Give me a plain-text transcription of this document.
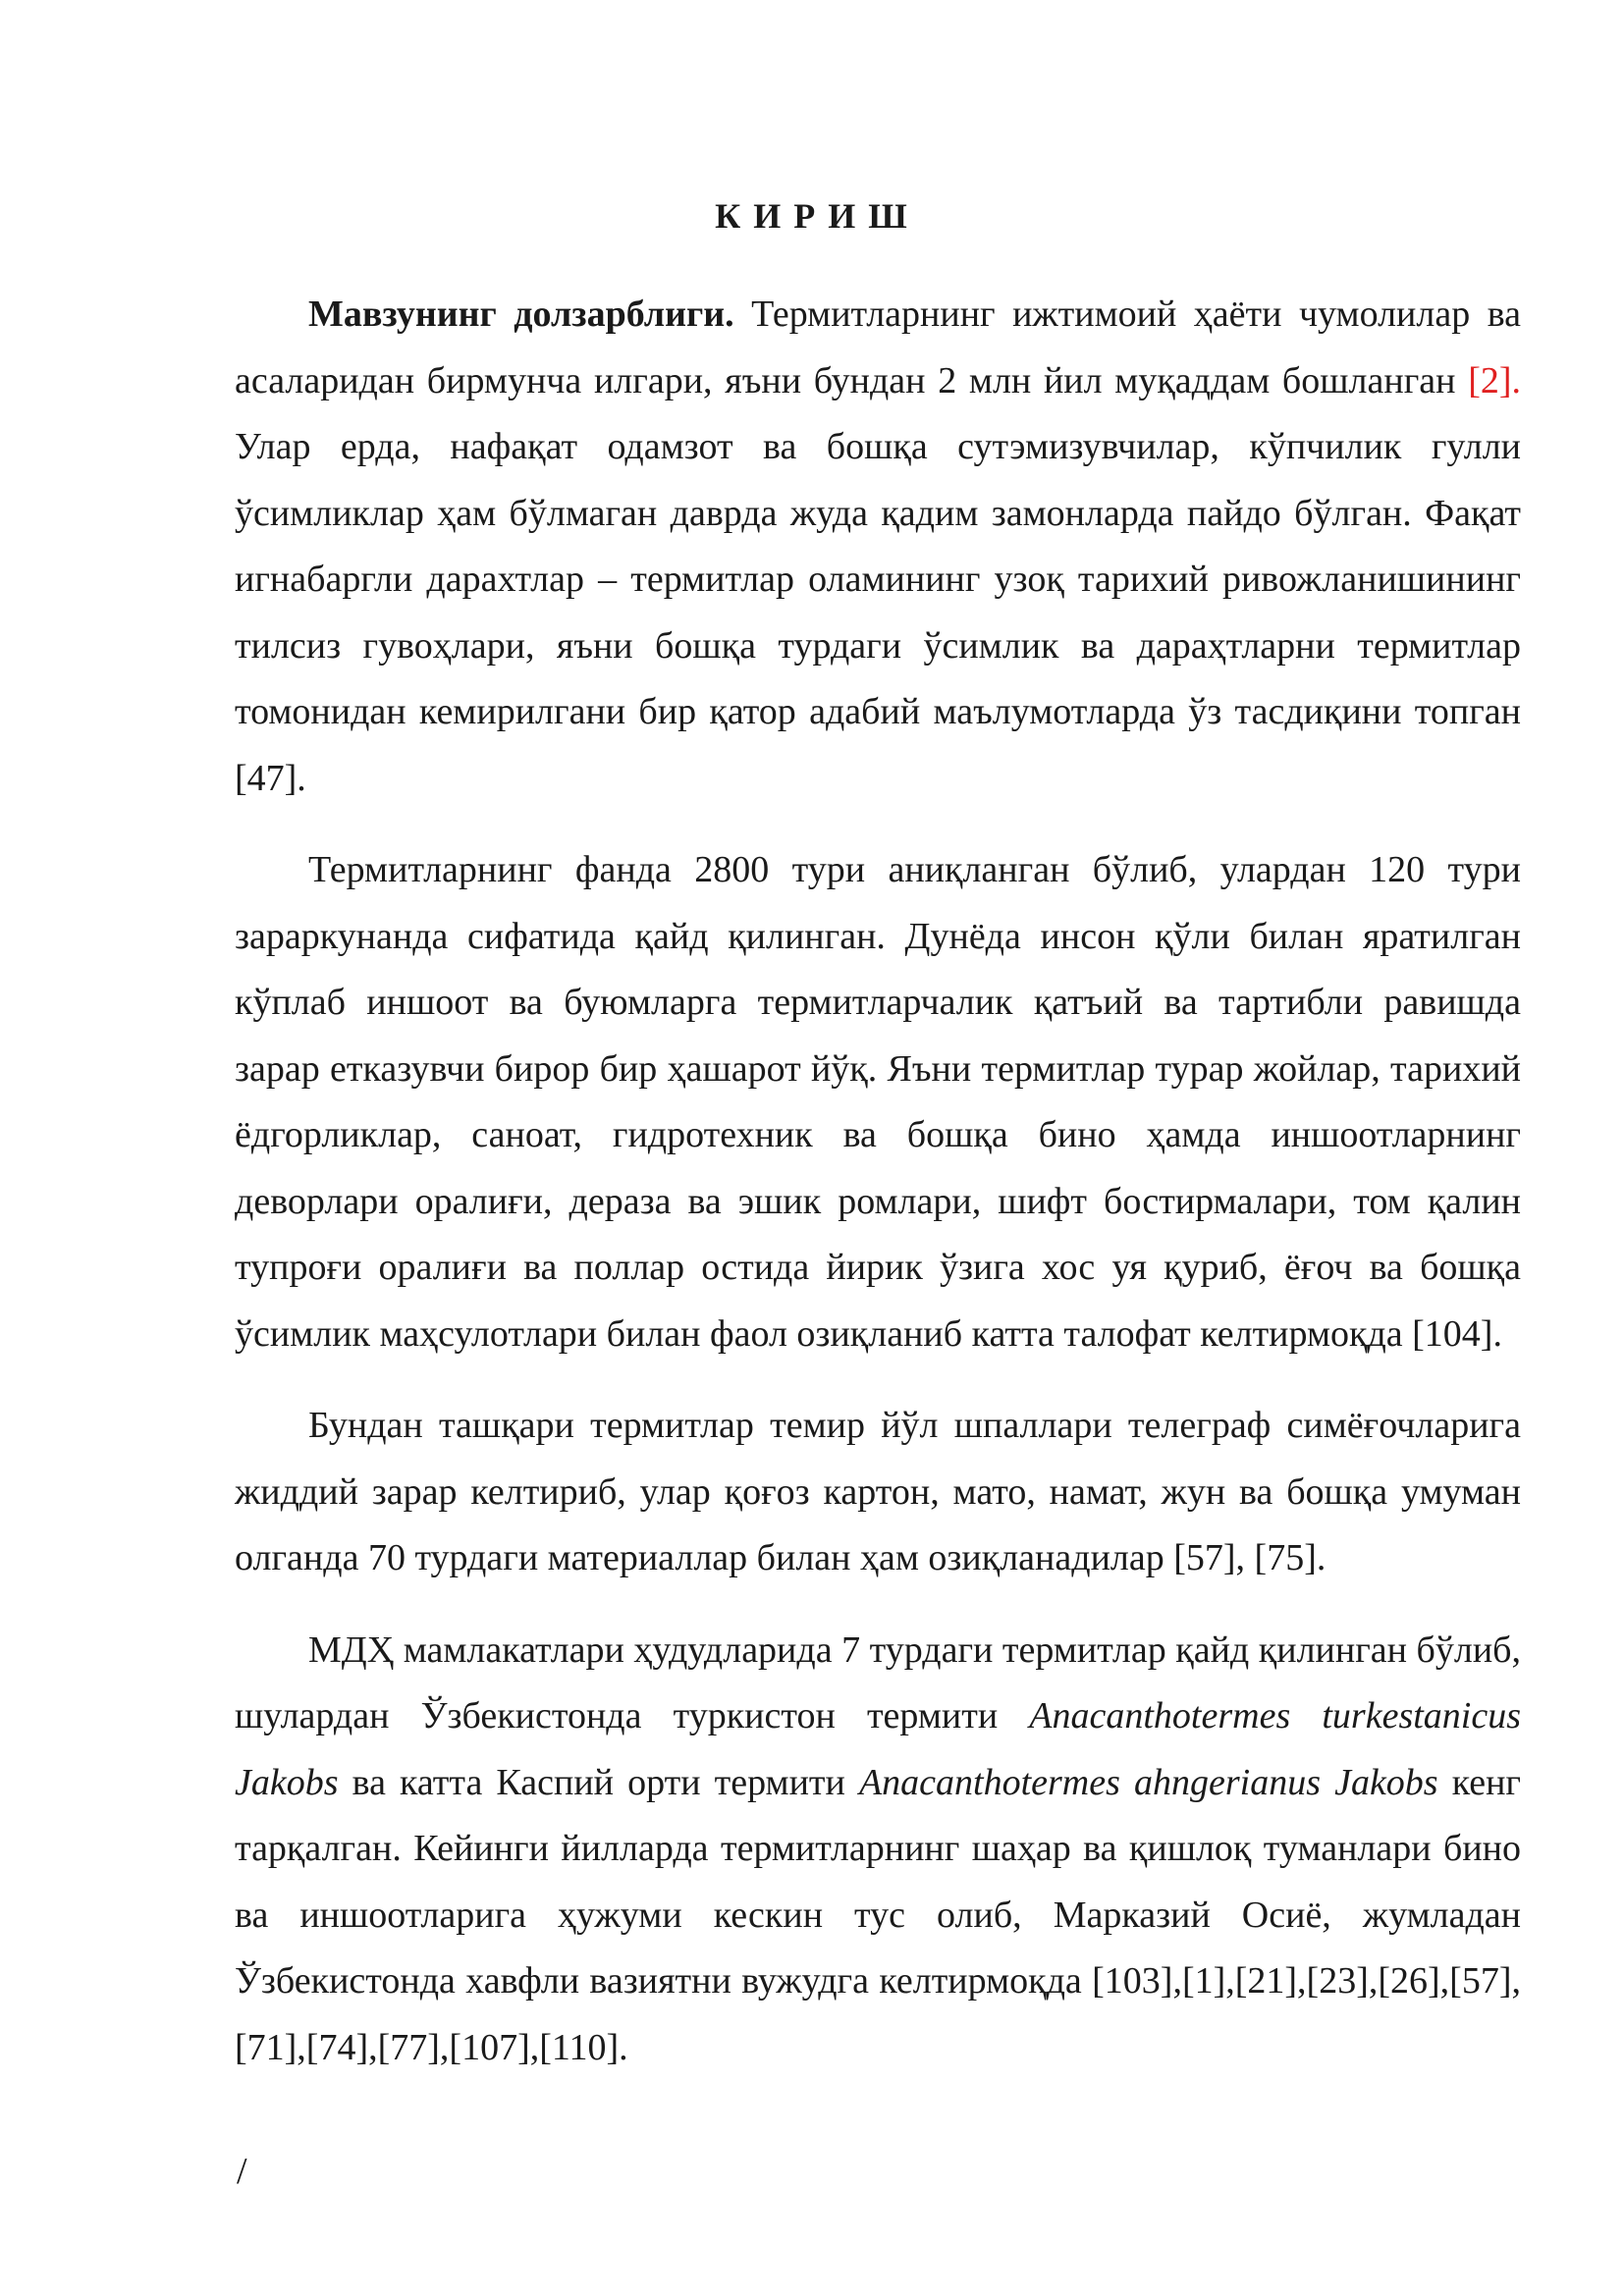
К И Р И Ш

Мавзунинг долзарблиги. Термитларнинг ижтимоий ҳаёти чумолилар ва асаларидан бирмунча илгари, яъни бундан 2 млн йил муқаддам бошланган [2]. Улар ерда, нафақат одамзот ва бошқа сутэмизувчилар, кўпчилик гулли ўсимликлар ҳам бўлмаган даврда жуда қадим замонларда пайдо бўлган. Фақат игнабаргли дарахтлар – термитлар оламининг узоқ тарихий ривожланишининг тилсиз гувоҳлари, яъни бошқа турдаги ўсимлик ва дараҳтларни термитлар томонидан кемирилгани бир қатор адабий маълумотларда ўз тасдиқини топган [47].

Термитларнинг фанда 2800 тури аниқланган бўлиб, улардан 120 тури зараркунанда сифатида қайд қилинган. Дунёда инсон қўли билан яратилган кўплаб иншоот ва буюмларга термитларчалик қатъий ва тартибли равишда зарар етказувчи бирор бир ҳашарот йўқ. Яъни термитлар турар жойлар, тарихий ёдгорликлар, саноат, гидротехник ва бошқа бино ҳамда иншоотларнинг деворлари оралиғи, дераза ва эшик ромлари, шифт бостирмалари, том қалин тупроғи оралиғи ва поллар остида йирик ўзига хос уя қуриб, ёғоч ва бошқа ўсимлик маҳсулотлари билан фаол озиқланиб катта талофат келтирмоқда [104].

Бундан ташқари термитлар темир йўл шпаллари телеграф симёғочларига жиддий зарар келтириб, улар қоғоз картон, мато, намат, жун ва бошқа умуман олганда 70 турдаги материаллар билан ҳам озиқланадилар [57], [75].

МДҲ мамлакатлари ҳудудларида 7 турдаги термитлар қайд қилинган бўлиб, шулардан Ўзбекистонда туркистон термити Anacanthotermes turkestanicus Jakobs ва катта Каспий орти термити Anacanthotermes ahngerianus Jakobs кенг тарқалган. Кейинги йилларда термитларнинг шаҳар ва қишлоқ туманлари бино ва иншоотларига ҳужуми кескин тус олиб, Марказий Осиё, жумладан Ўзбекистонда хавфли вазиятни вужудга келтирмоқда [103],[1],[21],[23],[26],[57],[71],[74],[77],[107],[110].

/
